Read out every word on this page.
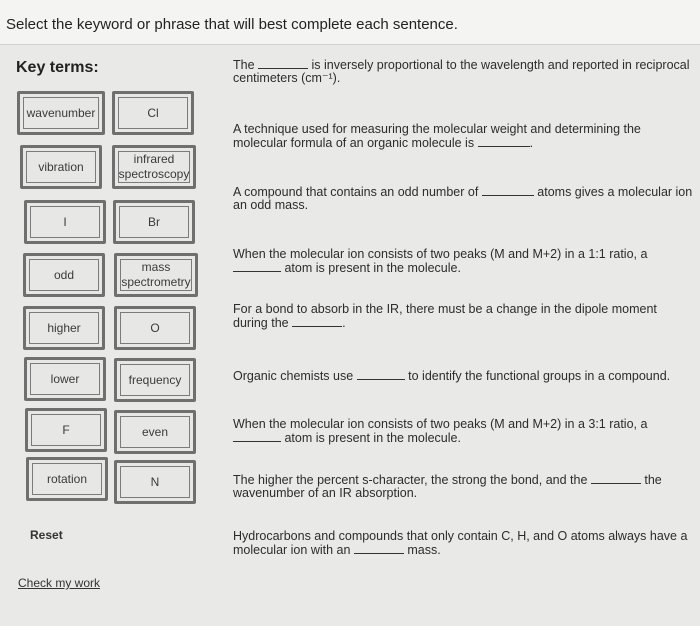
Select the keyword or phrase that will best complete each sentence.
Key terms:
wavenumber	Cl
vibration
infrared spectroscopy
I	Br
odd
mass spectrometry
higher	O
lower	frequency
F	even
rotation	N
The	is inversely proportional to the wavelength and reported in reciprocal centimeters (cm⁻¹).
A technique used for measuring the molecular weight and determining the molecular formula of an organic molecule is	.
A compound that contains an odd number of	atoms gives a molecular ion an odd mass.
When the molecular ion consists of two peaks (M and M+2) in a 1:1 ratio, a  atom is present in the molecule.
For a bond to absorb in the IR, there must be a change in the dipole moment during the	.
Organic chemists use	to identify the functional groups in a compound.
When the molecular ion consists of two peaks (M and M+2) in a 3:1 ratio, a  atom is present in the molecule.
The higher the percent s-character, the strong the bond, and the	the wavenumber of an IR absorption.
Hydrocarbons and compounds that only contain C, H, and O atoms always have a molecular ion with an	mass.
Reset
Check my work
